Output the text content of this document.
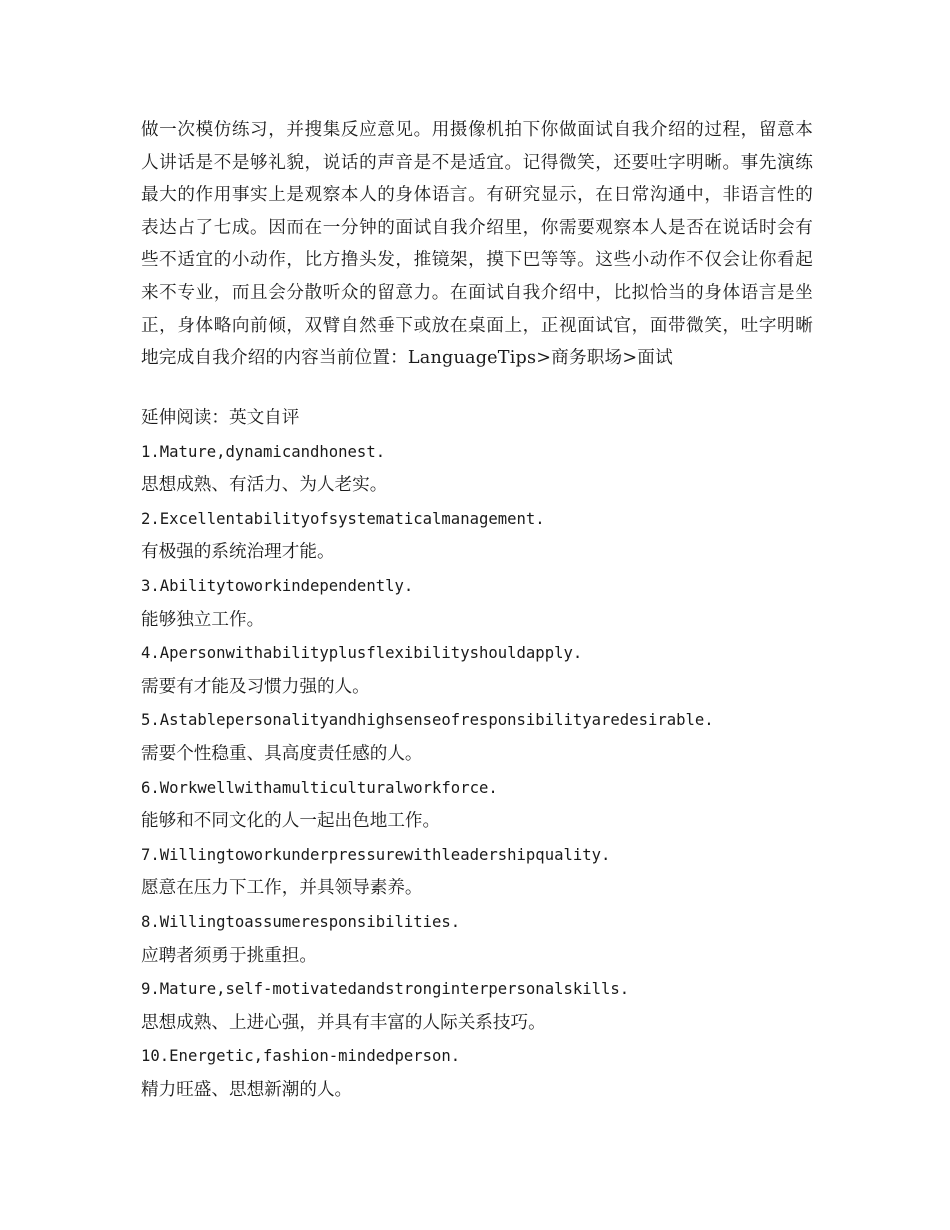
做一次模仿练习，并搜集反应意见。用摄像机拍下你做面试自我介绍的过程，留意本人讲话是不是够礼貌，说话的声音是不是适宜。记得微笑，还要吐字明晰。事先演练最大的作用事实上是观察本人的身体语言。有研究显示，在日常沟通中，非语言性的表达占了七成。因而在一分钟的面试自我介绍里，你需要观察本人是否在说话时会有些不适宜的小动作，比方撸头发，推镜架，摸下巴等等。这些小动作不仅会让你看起来不专业，而且会分散听众的留意力。在面试自我介绍中，比拟恰当的身体语言是坐正，身体略向前倾，双臂自然垂下或放在桌面上，正视面试官，面带微笑，吐字明晰地完成自我介绍的内容当前位置：LanguageTips>商务职场>面试
延伸阅读：英文自评
1.Mature,dynamicandhonest.
思想成熟、有活力、为人老实。
2.Excellentabilityofsystematicalmanagement.
有极强的系统治理才能。
3.Abilitytoworkindependently.
能够独立工作。
4.Apersonwithabilityplusflexibilityshouldapply.
需要有才能及习惯力强的人。
5.Astablepersonalityandhighsenseofresponsibilityaredesirable.
需要个性稳重、具高度责任感的人。
6.Workwellwithamulticulturalworkforce.
能够和不同文化的人一起出色地工作。
7.Willingtoworkunderpressurewithleadershipquality.
愿意在压力下工作，并具领导素养。
8.Willingtoassumeresponsibilities.
应聘者须勇于挑重担。
9.Mature,self-motivatedandstronginterpersonalskills.
思想成熟、上进心强，并具有丰富的人际关系技巧。
10.Energetic,fashion-mindedperson.
精力旺盛、思想新潮的人。
